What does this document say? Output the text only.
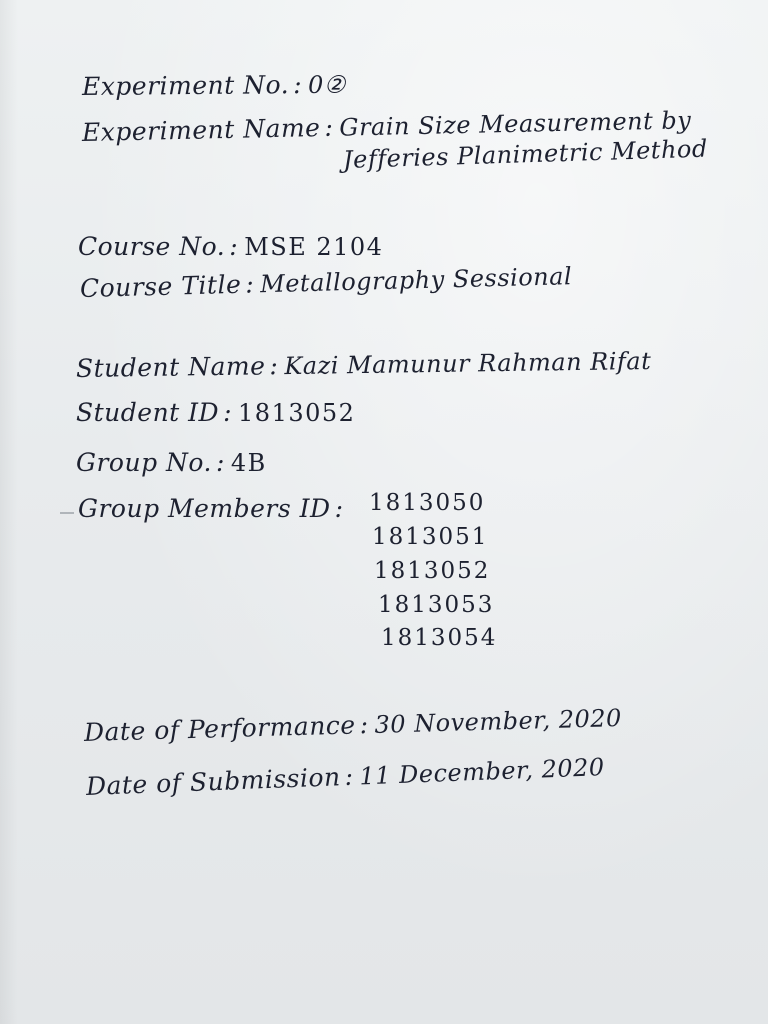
Experiment No. : 0②
Experiment Name : Grain Size Measurement by
Jefferies Planimetric Method
Course No. : MSE 2104
Course Title : Metallography Sessional
Student Name : Kazi Mamunur Rahman Rifat
Student ID : 1813052
Group No. : 4B
Group Members ID : 1813050
1813051
1813052
1813053
1813054
Date of Performance : 30 November, 2020
Date of Submission : 11 December, 2020
